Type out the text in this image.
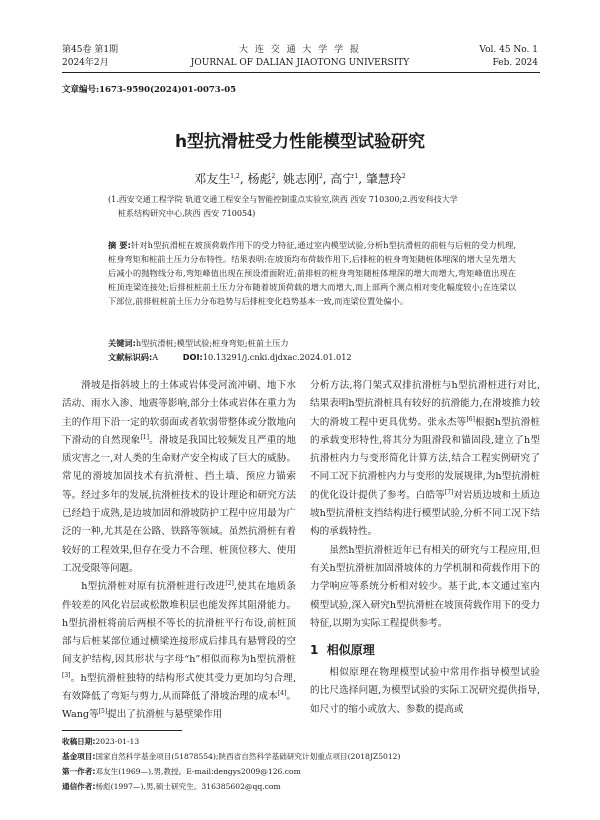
第45卷 第1期
2024年2月
大 连 交 通 大 学 学 报
JOURNAL OF DALIAN JIAOTONG UNIVERSITY
Vol. 45 No. 1
Feb. 2024
文章编号:1673-9590(2024)01-0073-05
h型抗滑桩受力性能模型试验研究
邓友生$^{1,2}$, 杨彪$^2$, 姚志刚$^2$, 高宁$^1$, 肇慧玲$^2$
(1.西安交通工程学院 轨道交通工程安全与智能控制重点实验室,陕西 西安 710300;2.西安科技大学
桩系结构研究中心,陕西 西安 710054)
摘 要:针对h型抗滑桩在坡顶荷载作用下的受力特征,通过室内模型试验,分析h型抗滑桩的前桩与后桩的受力机理,桩身弯矩和桩前土压力分布特性。结果表明:在坡顶均布荷载作用下,后排桩的桩身弯矩随桩体埋深的增大呈先增大后减小的抛物线分布,弯矩峰值出现在预设滑面附近;前排桩的桩身弯矩随桩体埋深的增大而增大,弯矩峰值出现在桩顶连梁连接处;后排桩桩前土压力分布随着坡顶荷载的增大而增大,而上部两个测点相对变化幅度较小;在连梁以下部位,前排桩桩前土压力分布趋势与后排桩变化趋势基本一致,而连梁位置处偏小。
关键词:h型抗滑桩;模型试验;桩身弯矩;桩前土压力
文献标识码:A	DOI:10.13291/j.cnki.djdxac.2024.01.012

滑坡是指斜坡上的土体或岩体受河流冲刷、地下水活动、雨水入渗、地震等影响,部分土体或岩体在重力为主的作用下沿一定的软弱面或者软弱带整体或分散地向下滑动的自然现象[1]。滑坡是我国比较频发且严重的地质灾害之一,对人类的生命财产安全构成了巨大的威胁。常见的滑坡加固技术有抗滑桩、挡土墙、预应力锚索等。经过多年的发展,抗滑桩技术的设计理论和研究方法已经趋于成熟,是边坡加固和滑坡防护工程中应用最为广泛的一种,尤其是在公路、铁路等领域。虽然抗滑桩有着较好的工程效果,但存在受力不合理、桩顶位移大、使用工况受限等问题。

h型抗滑桩对原有抗滑桩进行改进[2],使其在地质条件较差的风化岩层或松散堆积层也能发挥其阻滑能力。h型抗滑桩将前后两根不等长的抗滑桩平行布设,前桩顶部与后桩某部位通过横梁连接形成后排具有悬臂段的空间支护结构,因其形状与字母“h”相似而称为h型抗滑桩[3]。h型抗滑桩独特的结构形式使其受力更加均匀合理,有效降低了弯矩与剪力,从而降低了滑坡治理的成本[4]。Wang等[5]提出了抗滑桩与悬壁梁作用

分析方法,将门架式双排抗滑桩与h型抗滑桩进行对比,结果表明h型抗滑桩具有较好的抗滑能力,在滑坡推力较大的滑坡工程中更具优势。张永杰等[6]根据h型抗滑桩的承载变形特性,将其分为阻滑段和锚固段,建立了h型抗滑桩内力与变形简化计算方法,结合工程实例研究了不同工况下抗滑桩内力与变形的发展规律,为h型抗滑桩的优化设计提供了参考。白皓等[7]对岩质边坡和土质边坡h型抗滑桩支挡结构进行模型试验,分析不同工况下结构的承载特性。

虽然h型抗滑桩近年已有相关的研究与工程应用,但有关h型抗滑桩加固滑坡体的力学机制和荷载作用下的力学响应等系统分析相对较少。基于此,本文通过室内模型试验,深入研究h型抗滑桩在坡顶荷载作用下的受力特征,以期为实际工程提供参考。

1 相似原理

相似原理在物理模型试验中常用作指导模型试验的比尺选择问题,为模型试验的实际工况研究提供指导,如尺寸的缩小或放大、参数的提高或

收稿日期:2023-01-13
基金项目:国家自然科学基金项目(51878554);陕西省自然科学基础研究计划重点项目(2018JZ5012)
第一作者:邓友生(1969—),男,教授。E-mail:dengys2009@126.com
通信作者:杨彪(1997—),男,硕士研究生。316385602@qq.com
